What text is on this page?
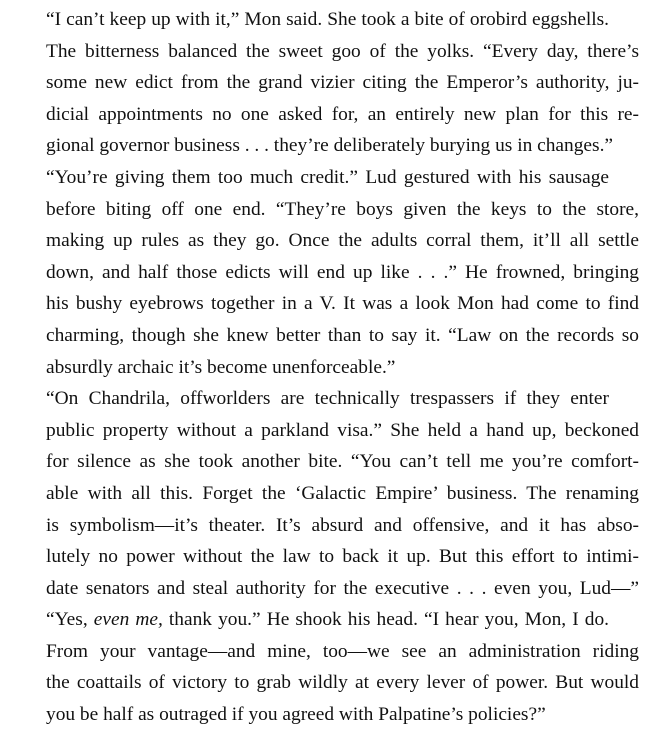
“I can’t keep up with it,” Mon said. She took a bite of orobird eggshells.
The bitterness balanced the sweet goo of the yolks. “Every day, there’s
some new edict from the grand vizier citing the Emperor’s authority, ju-
dicial appointments no one asked for, an entirely new plan for this re-
gional governor business . . . they’re deliberately burying us in changes.”

“You’re giving them too much credit.” Lud gestured with his sausage
before biting off one end. “They’re boys given the keys to the store,
making up rules as they go. Once the adults corral them, it’ll all settle
down, and half those edicts will end up like . . .” He frowned, bringing
his bushy eyebrows together in a V. It was a look Mon had come to find
charming, though she knew better than to say it. “Law on the records so
absurdly archaic it’s become unenforceable.”

“On Chandrila, offworlders are technically trespassers if they enter
public property without a parkland visa.” She held a hand up, beckoned
for silence as she took another bite. “You can’t tell me you’re comfort-
able with all this. Forget the ‘Galactic Empire’ business. The renaming
is symbolism—it’s theater. It’s absurd and offensive, and it has abso-
lutely no power without the law to back it up. But this effort to intimi-
date senators and steal authority for the executive . . . even you, Lud—”

“Yes, even me, thank you.” He shook his head. “I hear you, Mon, I do.
From your vantage—and mine, too—we see an administration riding
the coattails of victory to grab wildly at every lever of power. But would
you be half as outraged if you agreed with Palpatine’s policies?”
